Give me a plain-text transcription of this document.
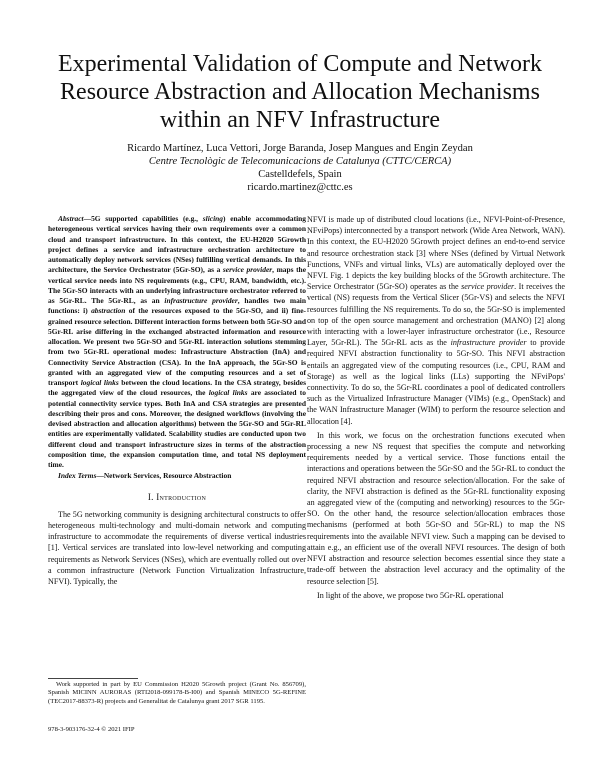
Experimental Validation of Compute and Network Resource Abstraction and Allocation Mechanisms within an NFV Infrastructure
Ricardo Martínez, Luca Vettori, Jorge Baranda, Josep Mangues and Engin Zeydan
Centre Tecnològic de Telecomunicacions de Catalunya (CTTC/CERCA)
Castelldefels, Spain
ricardo.martinez@cttc.es

Abstract—5G supported capabilities (e.g., slicing) enable accommodating heterogeneous vertical services having their own requirements over a common cloud and transport infrastructure. In this context, the EU-H2020 5Growth project defines a service and infrastructure orchestration architecture to automatically deploy network services (NSes) fulfilling vertical demands. In this architecture, the Service Orchestrator (5Gr-SO), as a service provider, maps the vertical service needs into NS requirements (e.g., CPU, RAM, bandwidth, etc.). The 5Gr-SO interacts with an underlying infrastructure orchestrator referred to as 5Gr-RL. The 5Gr-RL, as an infrastructure provider, handles two main functions: i) abstraction of the resources exposed to the 5Gr-SO, and ii) fine-grained resource selection. Different interaction forms between both 5Gr-SO and 5Gr-RL arise differing in the exchanged abstracted information and resource allocation. We present two 5Gr-SO and 5Gr-RL interaction solutions stemming from two 5Gr-RL operational modes: Infrastructure Abstraction (InA) and Connectivity Service Abstraction (CSA). In the InA approach, the 5Gr-SO is granted with an aggregated view of the computing resources and a set of transport logical links between the cloud locations. In the CSA strategy, besides the aggregated view of the cloud resources, the logical links are associated to potential connectivity service types. Both InA and CSA strategies are presented describing their pros and cons. Moreover, the designed workflows (involving the devised abstraction and allocation algorithms) between the 5Gr-SO and 5Gr-RL entities are experimentally validated. Scalability studies are conducted upon two different cloud and transport infrastructure sizes in terms of the abstraction composition time, the expansion computation time, and total NS deployment time.

Index Terms—Network Services, Resource Abstraction

I. Introduction

The 5G networking community is designing architectural constructs to offer heterogeneous multi-technology and multi-domain network and computing infrastructure to accommodate the requirements of diverse vertical industries [1]. Vertical services are translated into low-level networking and computing requirements as Network Services (NSes), which are eventually rolled out over a common infrastructure (Network Function Virtualization Infrastructure, NFVI). Typically, the

Work supported in part by EU Commission H2020 5Growth project (Grant No. 856709), Spanish MICINN AURORAS (RTI2018-099178-B-I00) and Spanish MINECO 5G-REFINE (TEC2017-88373-R) projects and Generalitat de Catalunya grant 2017 SGR 1195.
978-3-903176-32-4 © 2021 IFIP

NFVI is made up of distributed cloud locations (i.e., NFVI-Point-of-Presence, NFviPops) interconnected by a transport network (Wide Area Network, WAN). In this context, the EU-H2020 5Growth project defines an end-to-end service and resource orchestration stack [3] where NSes (defined by Virtual Network Functions, VNFs and virtual links, VLs) are automatically deployed over the NFVI. Fig. 1 depicts the key building blocks of the 5Growth architecture. The Service Orchestrator (5Gr-SO) operates as the service provider. It receives the vertical (NS) requests from the Vertical Slicer (5Gr-VS) and selects the NFVI resources fulfilling the NS requirements. To do so, the 5Gr-SO is implemented on top of the open source management and orchestration (MANO) [2] along with interacting with a lower-layer infrastructure orchestrator (i.e., Resource Layer, 5Gr-RL). The 5Gr-RL acts as the infrastructure provider to provide required NFVI abstraction functionality to 5Gr-SO. This NFVI abstraction entails an aggregated view of the computing resources (i.e., CPU, RAM and Storage) as well as the logical links (LLs) supporting the NFviPops' connectivity. To do so, the 5Gr-RL coordinates a pool of dedicated controllers such as the Virtualized Infrastructure Manager (VIMs) (e.g., OpenStack) and the WAN Infrastructure Manager (WIM) to perform the resource selection and allocation [4].

In this work, we focus on the orchestration functions executed when processing a new NS request that specifies the compute and networking requirements needed by a vertical service. Those functions entail the interactions and operations between the 5Gr-SO and the 5Gr-RL to conduct the required NFVI abstraction and resource selection/allocation. For the sake of clarity, the NFVI abstraction is defined as the 5Gr-RL functionality exposing an aggregated view of the (computing and networking) resources to the 5Gr-SO. On the other hand, the resource selection/allocation embraces those mechanisms (performed at both 5Gr-SO and 5Gr-RL) to map the NS requirements into the available NFVI view. Such a mapping can be devised to attain e.g., an efficient use of the overall NFVI resources. The design of both NFVI abstraction and resource selection becomes essential since they state a trade-off between the abstraction level accuracy and the optimality of the resource selection [5].

In light of the above, we propose two 5Gr-RL operational
